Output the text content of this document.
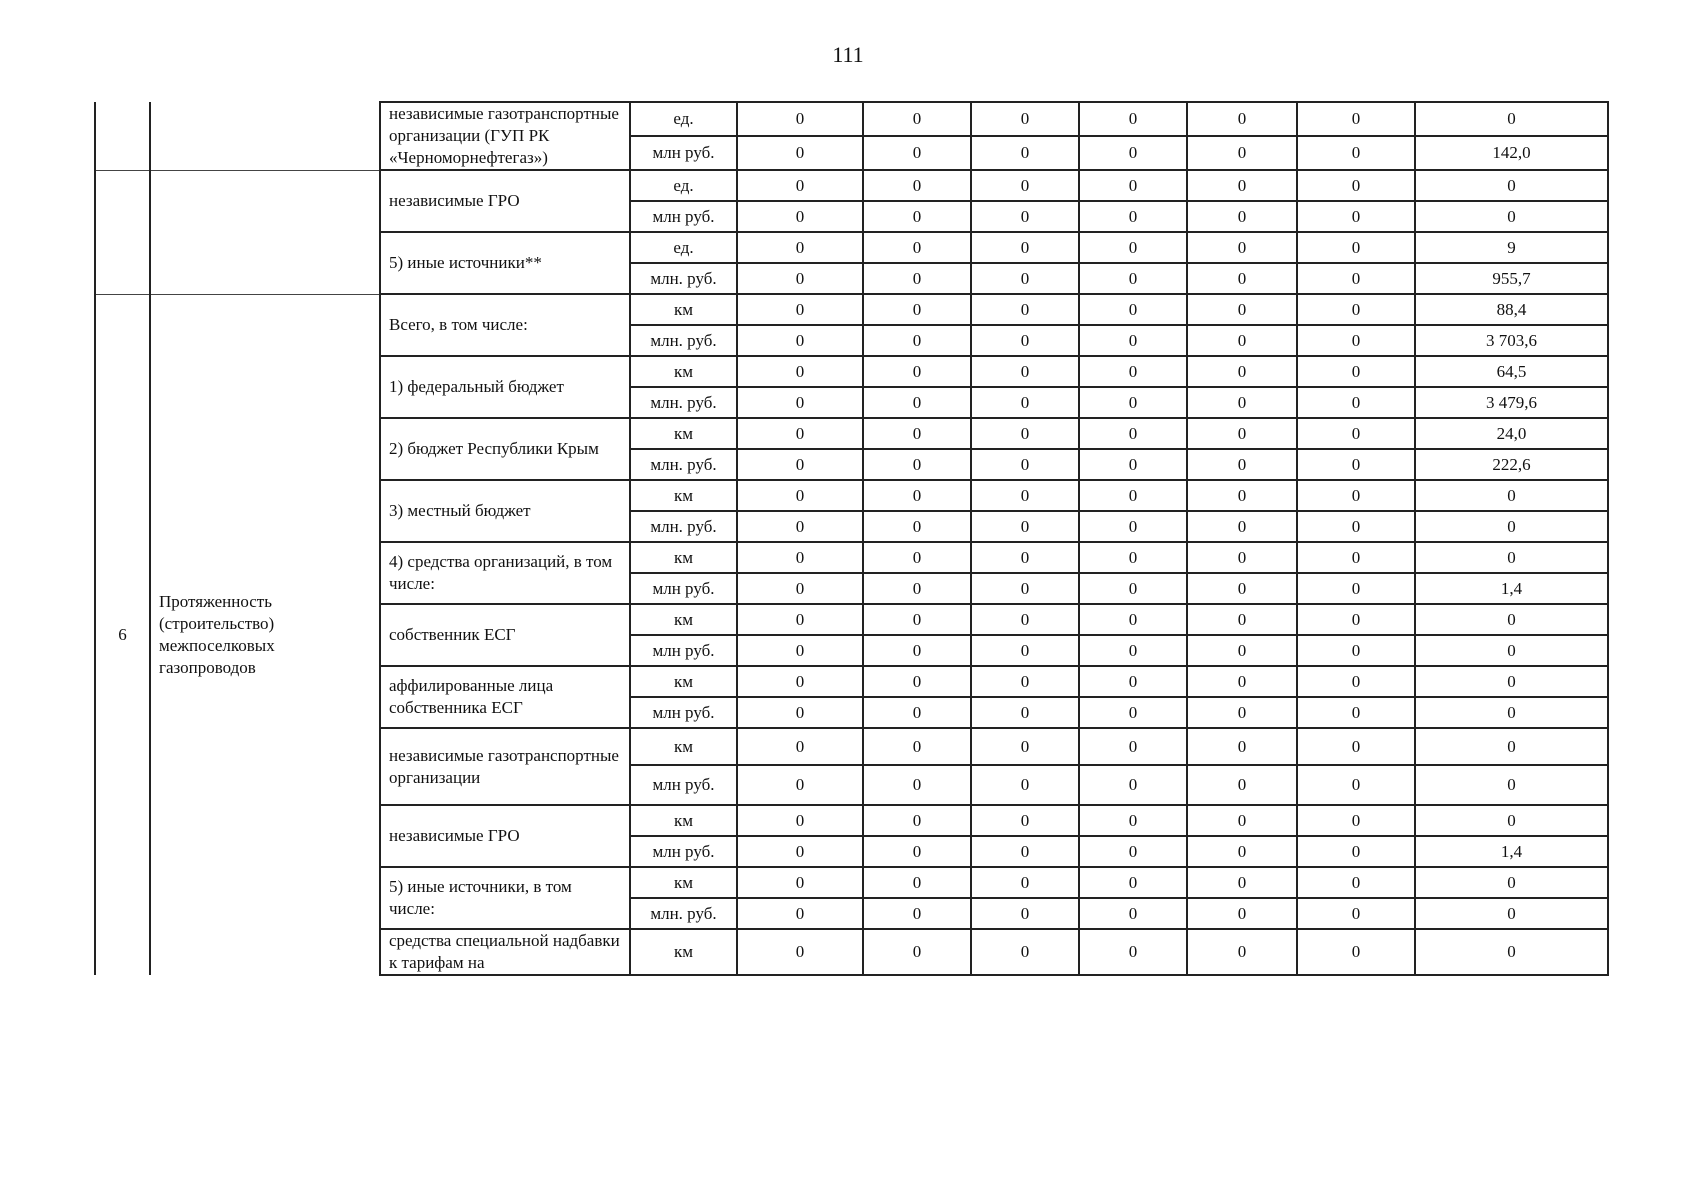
111
		независимые газотранспортные организации (ГУП РК «Черноморнефтегаз»)	ед.	0	0	0	0	0	0	0
			млн руб.	0	0	0	0	0	0	142,0
		независимые ГРО	ед.	0	0	0	0	0	0	0
			млн руб.	0	0	0	0	0	0	0
		5) иные источники**	ед.	0	0	0	0	0	0	9
			млн. руб.	0	0	0	0	0	0	955,7
6	Протяженность (строительство) межпоселковых газопроводов	Всего, в том числе:	км	0	0	0	0	0	0	88,4
			млн. руб.	0	0	0	0	0	0	3 703,6
		1) федеральный бюджет	км	0	0	0	0	0	0	64,5
			млн. руб.	0	0	0	0	0	0	3 479,6
		2) бюджет Республики Крым	км	0	0	0	0	0	0	24,0
			млн. руб.	0	0	0	0	0	0	222,6
		3) местный бюджет	км	0	0	0	0	0	0	0
			млн. руб.	0	0	0	0	0	0	0
		4) средства организаций, в том числе:	км	0	0	0	0	0	0	0
			млн руб.	0	0	0	0	0	0	1,4
		собственник ЕСГ	км	0	0	0	0	0	0	0
			млн руб.	0	0	0	0	0	0	0
		аффилированные лица собственника ЕСГ	км	0	0	0	0	0	0	0
			млн руб.	0	0	0	0	0	0	0
		независимые газотранспортные организации	км	0	0	0	0	0	0	0
			млн руб.	0	0	0	0	0	0	0
		независимые ГРО	км	0	0	0	0	0	0	0
			млн руб.	0	0	0	0	0	0	1,4
		5) иные источники, в том числе:	км	0	0	0	0	0	0	0
			млн. руб.	0	0	0	0	0	0	0
		средства специальной надбавки к тарифам на	км	0	0	0	0	0	0	0
